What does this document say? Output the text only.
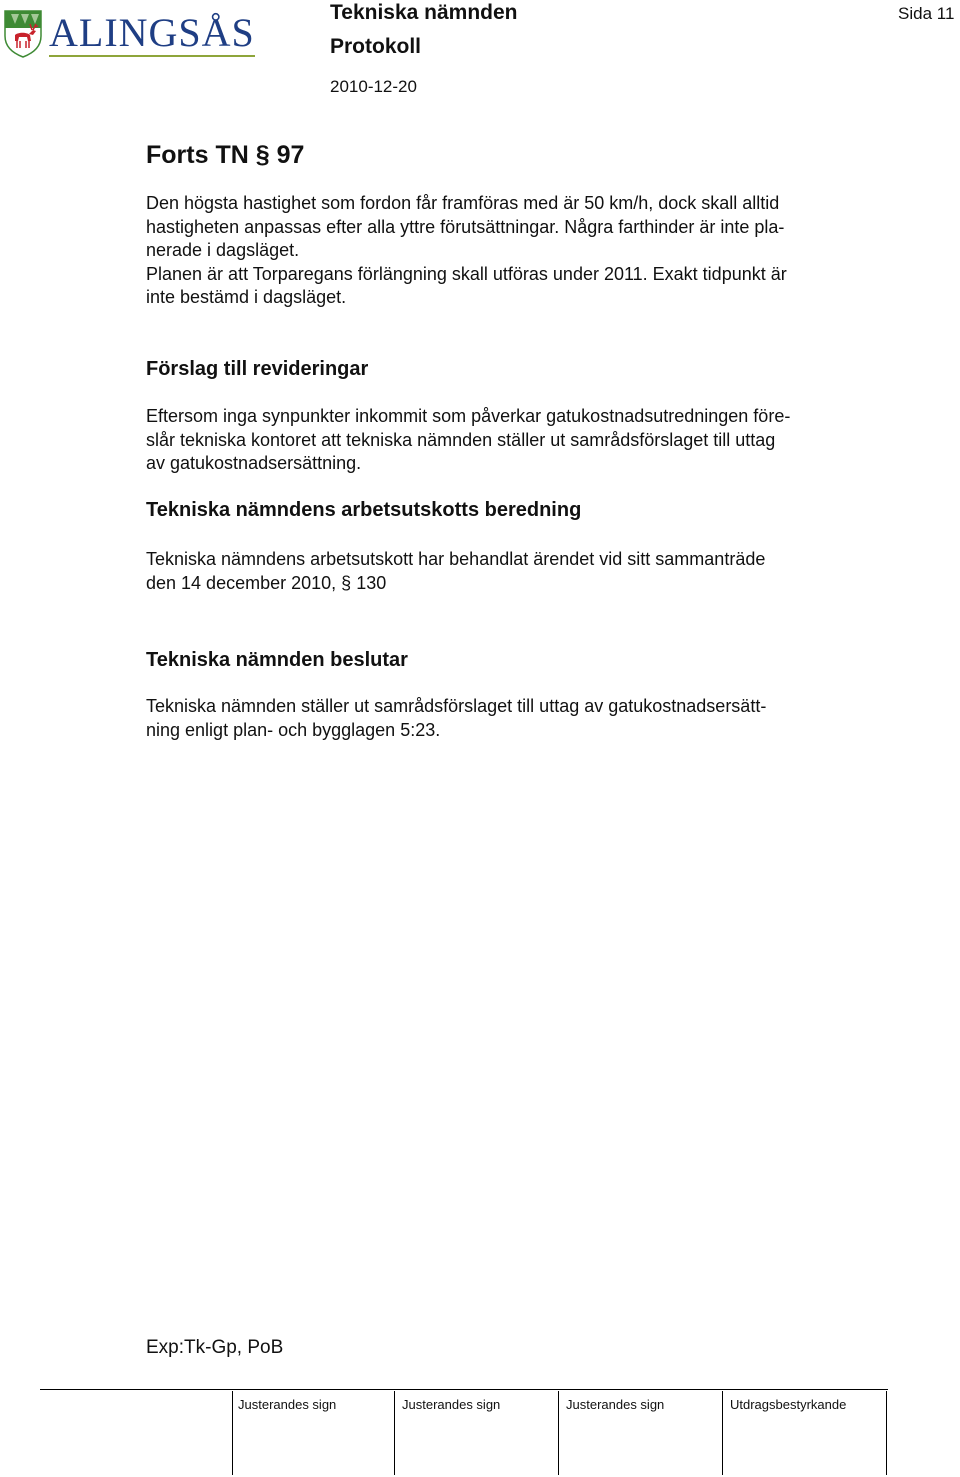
ALINGSÅS	Tekniska nämnden
Protokoll
2010-12-20
Sida 11
Forts TN § 97
Den högsta hastighet som fordon får framföras med är 50 km/h, dock skall alltid
hastigheten anpassas efter alla yttre förutsättningar. Några farthinder är inte pla-
nerade i dagsläget.
Planen är att Torparegans förlängning skall utföras under 2011. Exakt tidpunkt är
inte bestämd i dagsläget.
Förslag till revideringar
Eftersom inga synpunkter inkommit som påverkar gatukostnadsutredningen före-
slår tekniska kontoret att tekniska nämnden ställer ut samrådsförslaget till uttag
av gatukostnadsersättning.
Tekniska nämndens arbetsutskotts beredning
Tekniska nämndens arbetsutskott har behandlat ärendet vid sitt sammanträde
den 14 december 2010, § 130
Tekniska nämnden beslutar
Tekniska nämnden ställer ut samrådsförslaget till uttag av gatukostnadsersätt-
ning enligt plan- och bygglagen 5:23.
Exp:Tk-Gp, PoB
Justerandes sign	Justerandes sign	Justerandes sign	Utdragsbestyrkande
